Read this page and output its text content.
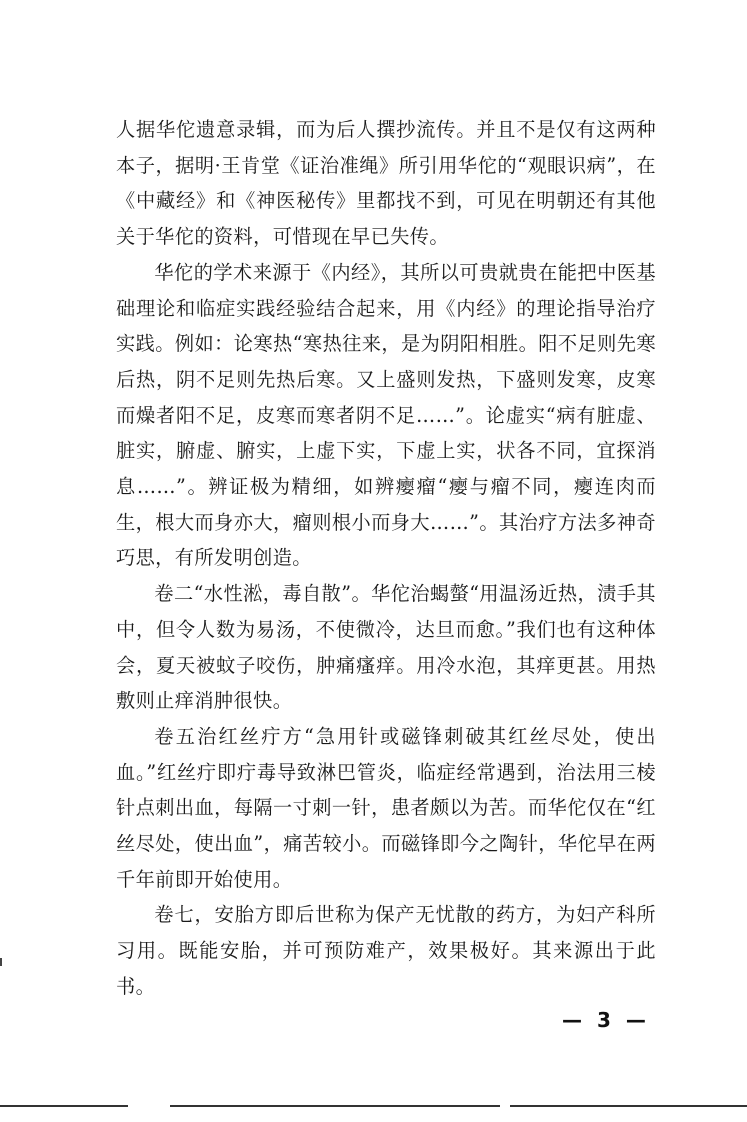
人据华佗遗意录辑，而为后人撰抄流传。并且不是仅有这两种本子，据明·王肯堂《证治准绳》所引用华佗的“观眼识病”，在《中藏经》和《神医秘传》里都找不到，可见在明朝还有其他关于华佗的资料，可惜现在早已失传。

华佗的学术来源于《内经》，其所以可贵就贵在能把中医基础理论和临症实践经验结合起来，用《内经》的理论指导治疗实践。例如：论寒热“寒热往来，是为阴阳相胜。阳不足则先寒后热，阴不足则先热后寒。又上盛则发热，下盛则发寒，皮寒而燥者阳不足，皮寒而寒者阴不足……”。论虚实“病有脏虚、脏实，腑虚、腑实，上虚下实，下虚上实，状各不同，宜探消息……”。辨证极为精细，如辨瘿瘤“瘿与瘤不同，瘿连肉而生，根大而身亦大，瘤则根小而身大……”。其治疗方法多神奇巧思，有所发明创造。

卷二“水性淞，毒自散”。华佗治蝎螫“用温汤近热，渍手其中，但令人数为易汤，不使微冷，达旦而愈。”我们也有这种体会，夏天被蚊子咬伤，肿痛瘙痒。用冷水泡，其痒更甚。用热敷则止痒消肿很快。

卷五治红丝疔方“急用针或磁锋刺破其红丝尽处，使出血。”红丝疔即疔毒导致淋巴管炎，临症经常遇到，治法用三棱针点刺出血，每隔一寸刺一针，患者颇以为苦。而华佗仅在“红丝尽处，使出血”，痛苦较小。而磁锋即今之陶针，华佗早在两千年前即开始使用。

卷七，安胎方即后世称为保产无忧散的药方，为妇产科所习用。既能安胎，并可预防难产，效果极好。其来源出于此书。

— 3 —
